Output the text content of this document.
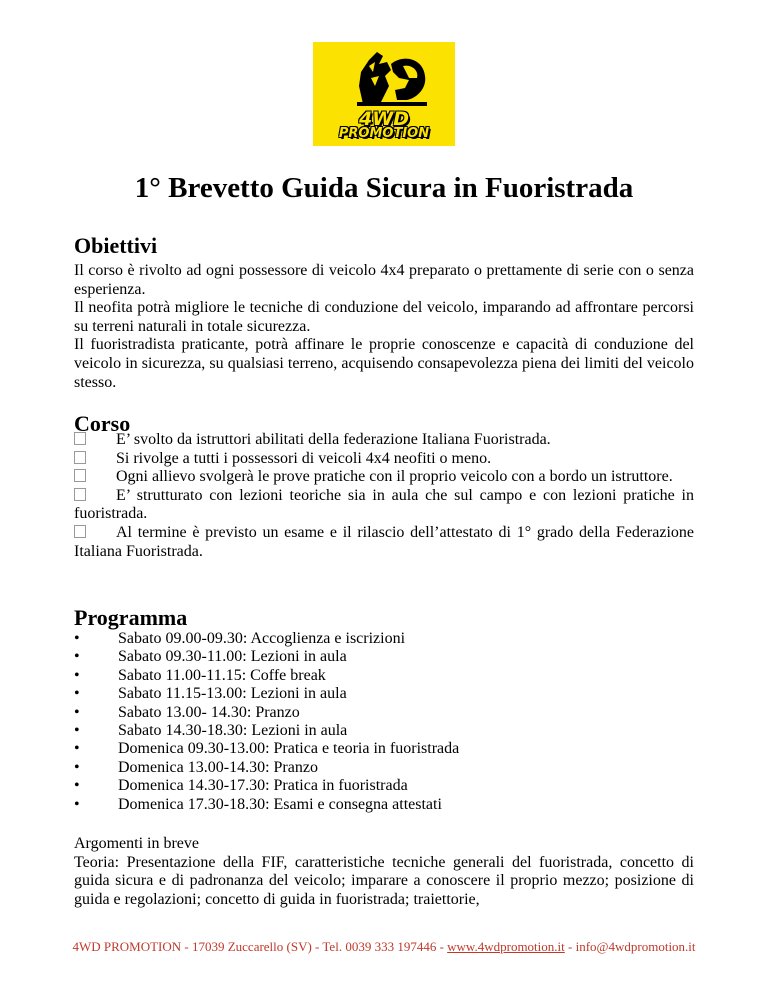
4WD
PROMOTION
1° Brevetto Guida Sicura in Fuoristrada
Obiettivi

Il corso è rivolto ad ogni possessore di veicolo 4x4 preparato o prettamente di serie con o senza esperienza.

Il neofita potrà migliore le tecniche di conduzione del veicolo, imparando ad affrontare percorsi su terreni naturali in totale sicurezza.

Il fuoristradista praticante, potrà affinare le proprie conoscenze e capacità di conduzione del veicolo in sicurezza, su qualsiasi terreno, acquisendo consapevolezza piena dei limiti del veicolo stesso.

Corso

E’ svolto da istruttori abilitati della federazione Italiana Fuoristrada.

Si rivolge a tutti i possessori di veicoli 4x4 neofiti o meno.

Ogni allievo svolgerà le prove pratiche con il proprio veicolo con a bordo un istruttore.

E’ strutturato con lezioni teoriche sia in aula che sul campo e con lezioni pratiche in fuoristrada.

Al termine è previsto un esame e il rilascio dell’attestato di 1° grado della Federazione Italiana Fuoristrada.

Programma
• Sabato 09.00-09.30: Accoglienza e iscrizioni
• Sabato 09.30-11.00: Lezioni in aula
• Sabato 11.00-11.15: Coffe break
• Sabato 11.15-13.00: Lezioni in aula
• Sabato 13.00- 14.30: Pranzo
• Sabato 14.30-18.30: Lezioni in aula
• Domenica 09.30-13.00: Pratica e teoria in fuoristrada
• Domenica 13.00-14.30: Pranzo
• Domenica 14.30-17.30: Pratica in fuoristrada
• Domenica 17.30-18.30: Esami e consegna attestati

Argomenti in breve

Teoria: Presentazione della FIF, caratteristiche tecniche generali del fuoristrada, concetto di guida sicura e di padronanza del veicolo; imparare a conoscere il proprio mezzo; posizione di guida e regolazioni; concetto di guida in fuoristrada; traiettorie,

4WD PROMOTION - 17039 Zuccarello (SV) - Tel. 0039 333 197446 - www.4wdpromotion.it - info@4wdpromotion.it
